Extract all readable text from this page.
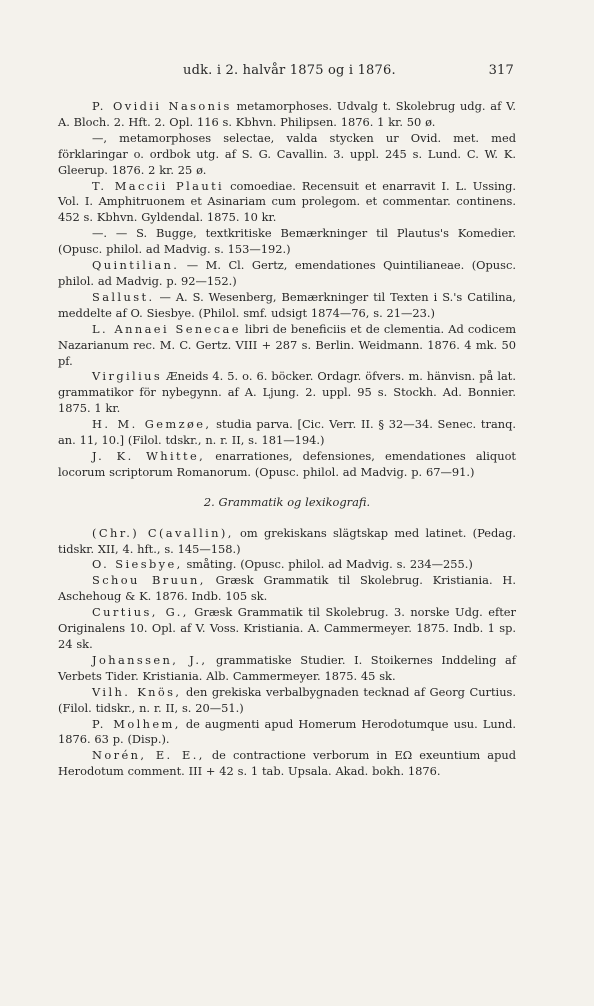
udk. i 2. halvår 1875 og i 1876.	317

P. Ovidii Nasonis metamorphoses. Udvalg t. Skolebrug udg. af V. A. Bloch. 2. Hft. 2. Opl. 116 s. Kbhvn. Philipsen. 1876. 1 kr. 50 ø.

—, metamorphoses selectae, valda stycken ur Ovid. met. med förklaringar o. ordbok utg. af S. G. Cavallin. 3. uppl. 245 s. Lund. C. W. K. Gleerup. 1876. 2 kr. 25 ø.

T. Maccii Plauti comoediae. Recensuit et enarravit I. L. Ussing. Vol. I. Amphitruonem et Asinariam cum prolegom. et commentar. continens. 452 s. Kbhvn. Gyldendal. 1875. 10 kr.

—. — S. Bugge, textkritiske Bemærkninger til Plautus's Komedier. (Opusc. philol. ad Madvig. s. 153—192.)

Quintilian. — M. Cl. Gertz, emendationes Quintilianeae. (Opusc. philol. ad Madvig. p. 92—152.)

Sallust. — A. S. Wesenberg, Bemærkninger til Texten i S.'s Catilina, meddelte af O. Siesbye. (Philol. smf. udsigt 1874—76, s. 21—23.)

L. Annaei Senecae libri de beneficiis et de clementia. Ad codicem Nazarianum rec. M. C. Gertz. VIII + 287 s. Berlin. Weidmann. 1876. 4 mk. 50 pf.

Virgilius Æneids 4. 5. o. 6. böcker. Ordagr. öfvers. m. hänvisn. på lat. grammatikor för nybegynn. af A. Ljung. 2. uppl. 95 s. Stockh. Ad. Bonnier. 1875. 1 kr.

H. M. Gemzøe, studia parva. [Cic. Verr. II. § 32—34. Senec. tranq. an. 11, 10.] (Filol. tdskr., n. r. II, s. 181—194.)

J. K. Whitte, enarrationes, defensiones, emendationes aliquot locorum scriptorum Romanorum. (Opusc. philol. ad Madvig. p. 67—91.)

2. Grammatik og lexikografi.

(Chr.) C(avallin), om grekiskans slägtskap med latinet. (Pedag. tidskr. XII, 4. hft., s. 145—158.)

O. Siesbye, småting. (Opusc. philol. ad Madvig. s. 234—255.)

Schou Bruun, Græsk Grammatik til Skolebrug. Kristiania. H. Aschehoug & K. 1876. Indb. 105 sk.

Curtius, G., Græsk Grammatik til Skolebrug. 3. norske Udg. efter Originalens 10. Opl. af V. Voss. Kristiania. A. Cammermeyer. 1875. Indb. 1 sp. 24 sk.

Johanssen, J., grammatiske Studier. I. Stoikernes Inddeling af Verbets Tider. Kristiania. Alb. Cammermeyer. 1875. 45 sk.

Vilh. Knös, den grekiska verbalbygnaden tecknad af Georg Curtius. (Filol. tidskr., n. r. II, s. 20—51.)

P. Molhem, de augmenti apud Homerum Herodotumque usu. Lund. 1876. 63 p. (Disp.).

Norén, E. E., de contractione verborum in EΩ exeuntium apud Herodotum comment. III + 42 s. 1 tab. Upsala. Akad. bokh. 1876.
